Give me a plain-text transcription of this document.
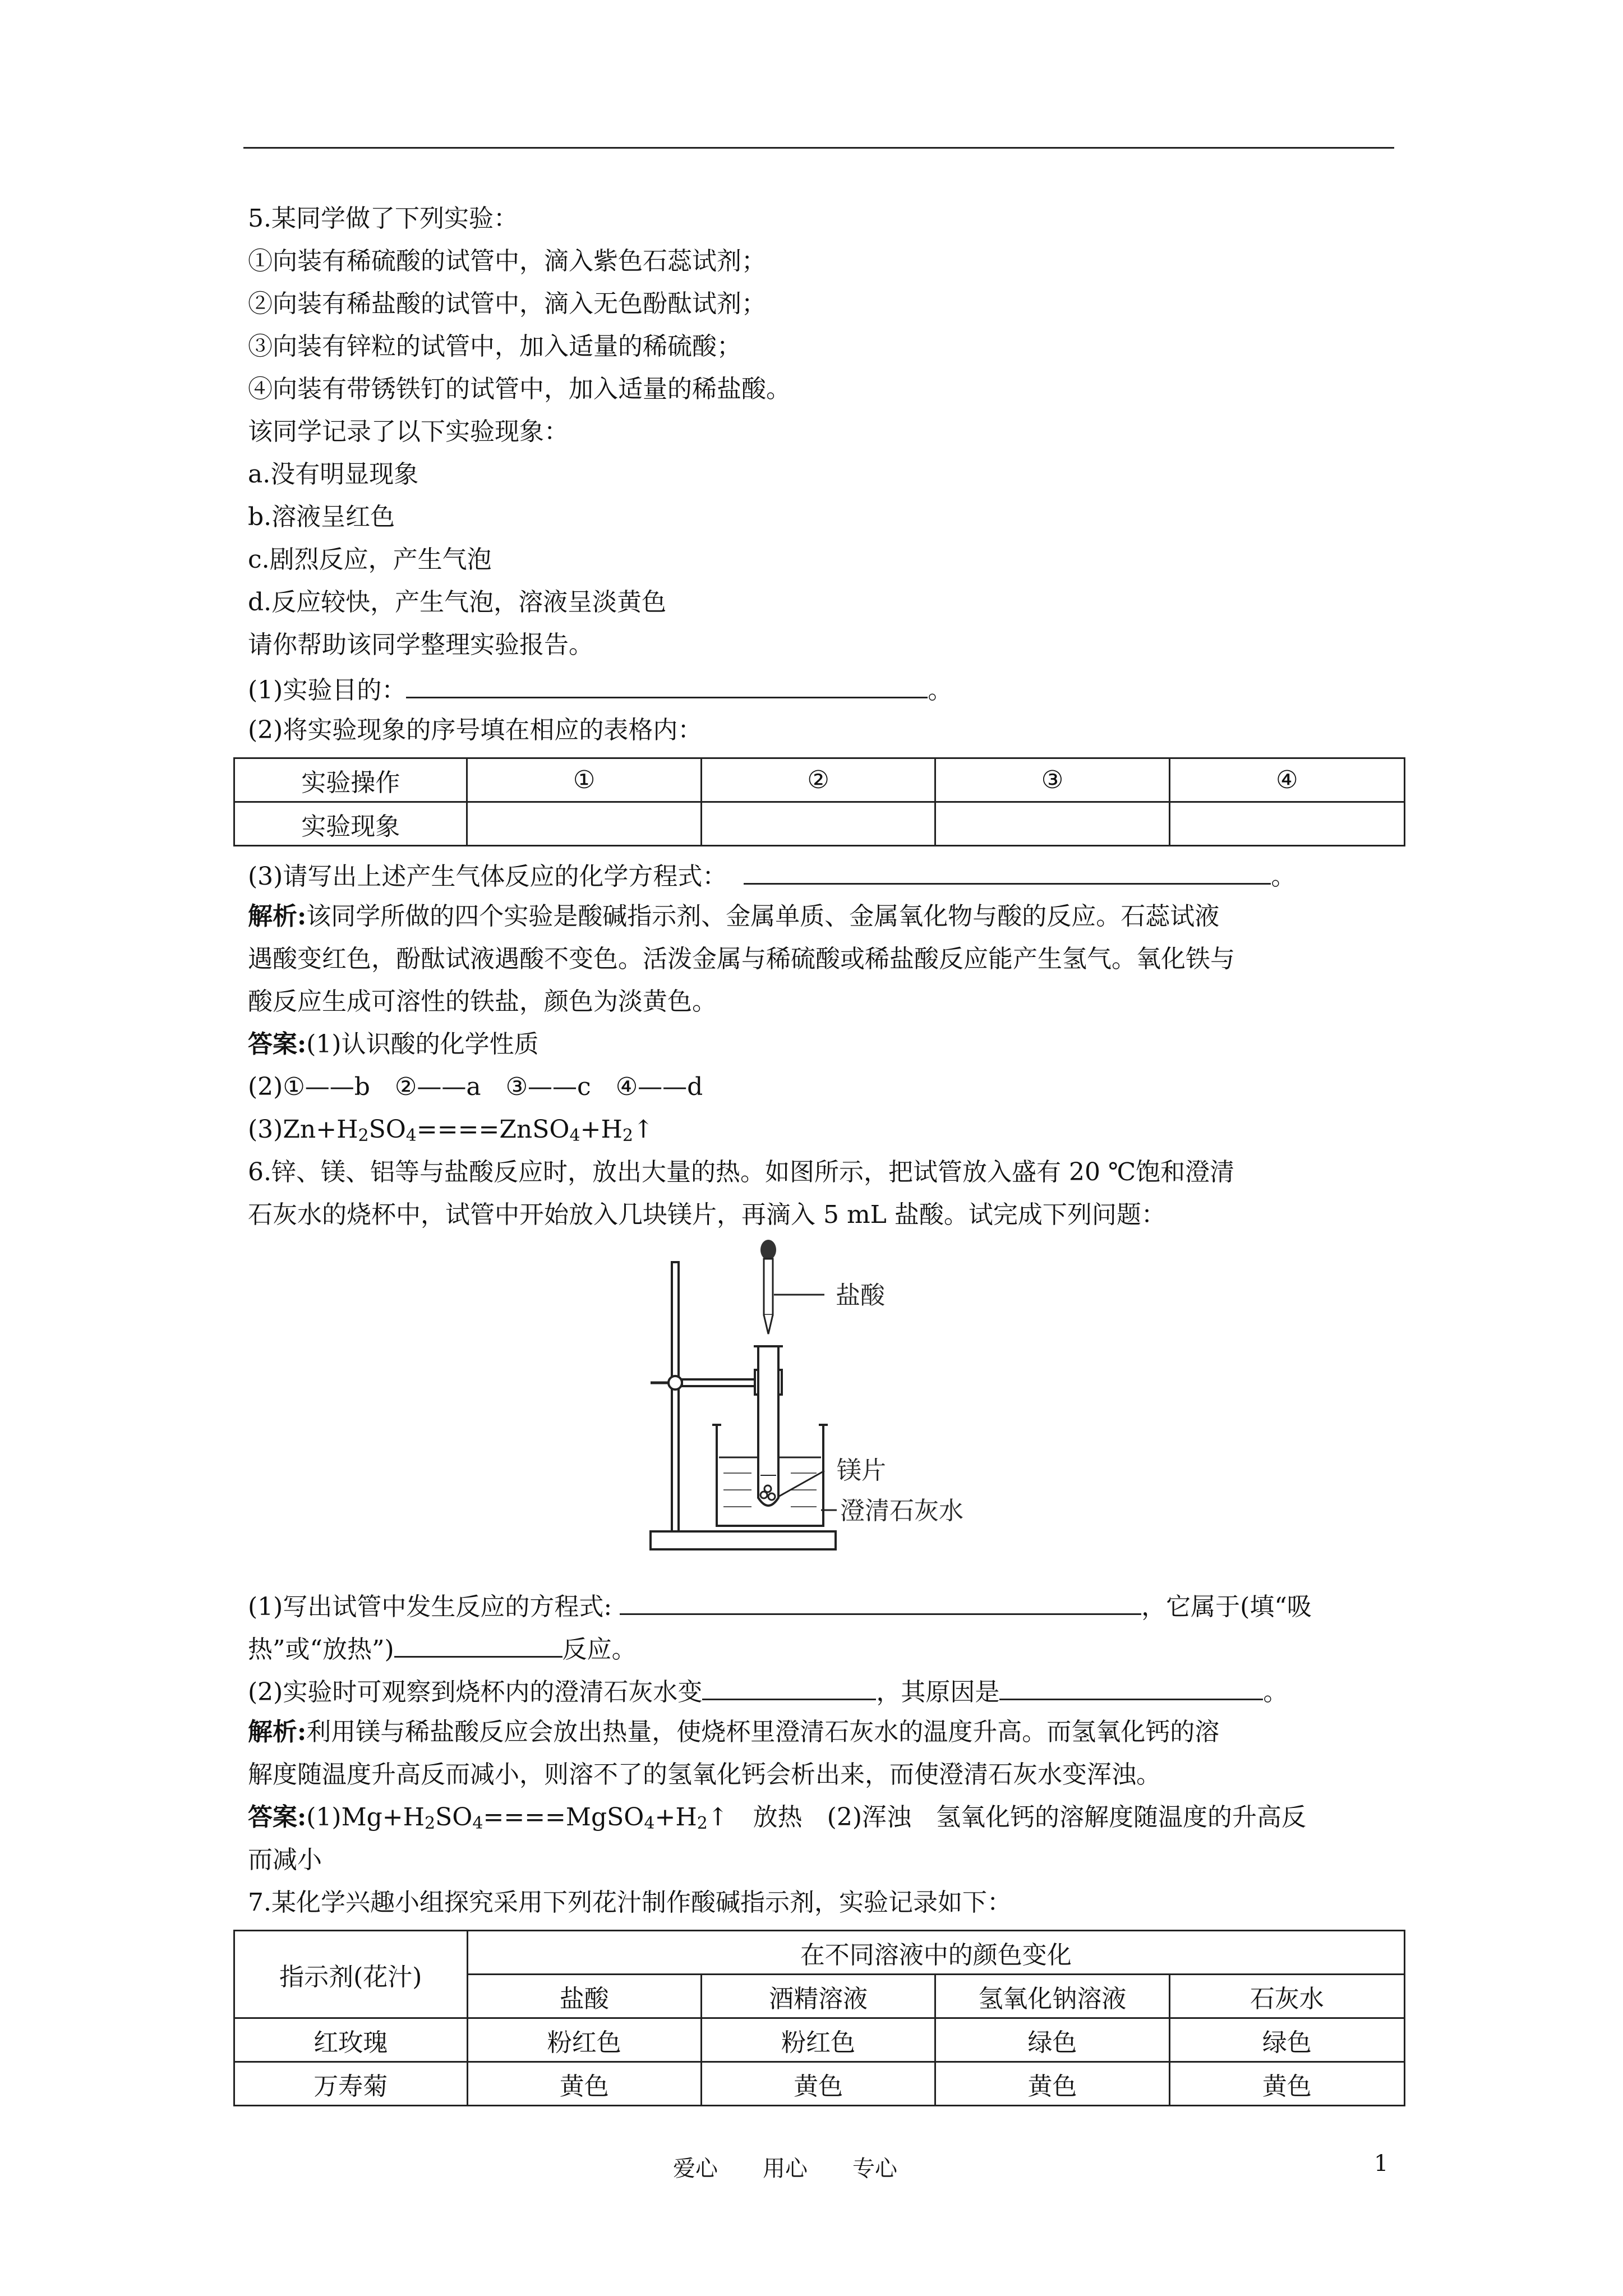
5.某同学做了下列实验：
①向装有稀硫酸的试管中，滴入紫色石蕊试剂；
②向装有稀盐酸的试管中，滴入无色酚酞试剂；
③向装有锌粒的试管中，加入适量的稀硫酸；
④向装有带锈铁钉的试管中，加入适量的稀盐酸。
该同学记录了以下实验现象：
a.没有明显现象
b.溶液呈红色
c.剧烈反应，产生气泡
d.反应较快，产生气泡，溶液呈淡黄色
请你帮助该同学整理实验报告。
(1)实验目的：	。
(2)将实验现象的序号填在相应的表格内：
实验操作	①	②	③	④
实验现象				
(3)请写出上述产生气体反应的化学方程式：	。
解析:该同学所做的四个实验是酸碱指示剂、金属单质、金属氧化物与酸的反应。石蕊试液
遇酸变红色，酚酞试液遇酸不变色。活泼金属与稀硫酸或稀盐酸反应能产生氢气。氧化铁与
酸反应生成可溶性的铁盐，颜色为淡黄色。
答案:(1)认识酸的化学性质
(2)①——b　②——a　③——c　④——d
$(3)Zn+H_2SO_4====ZnSO_4+H_2↑$
6.锌、镁、铝等与盐酸反应时，放出大量的热。如图所示，把试管放入盛有 20 ℃饱和澄清
石灰水的烧杯中，试管中开始放入几块镁片，再滴入 5 mL 盐酸。试完成下列问题：
盐酸
镁片
澄清石灰水
(1)写出试管中发生反应的方程式:	，它属于(填“吸
热”或“放热”)	反应。
(2)实验时可观察到烧杯内的澄清石灰水变	，其原因是	。
解析:利用镁与稀盐酸反应会放出热量，使烧杯里澄清石灰水的温度升高。而氢氧化钙的溶
解度随温度升高反而减小，则溶不了的氢氧化钙会析出来，而使澄清石灰水变浑浊。
答案$:(1)Mg+H_2SO_4====MgSO_4+H_2↑$　放热　(2)浑浊　氢氧化钙的溶解度随温度的升高反
而减小
7.某化学兴趣小组探究采用下列花汁制作酸碱指示剂，实验记录如下：
指示剂(花汁)	在不同溶液中的颜色变化			
	盐酸	酒精溶液	氢氧化钠溶液	石灰水
红玫瑰	粉红色	粉红色	绿色	绿色
万寿菊	黄色	黄色	黄色	黄色
爱心　　用心　　专心	1
